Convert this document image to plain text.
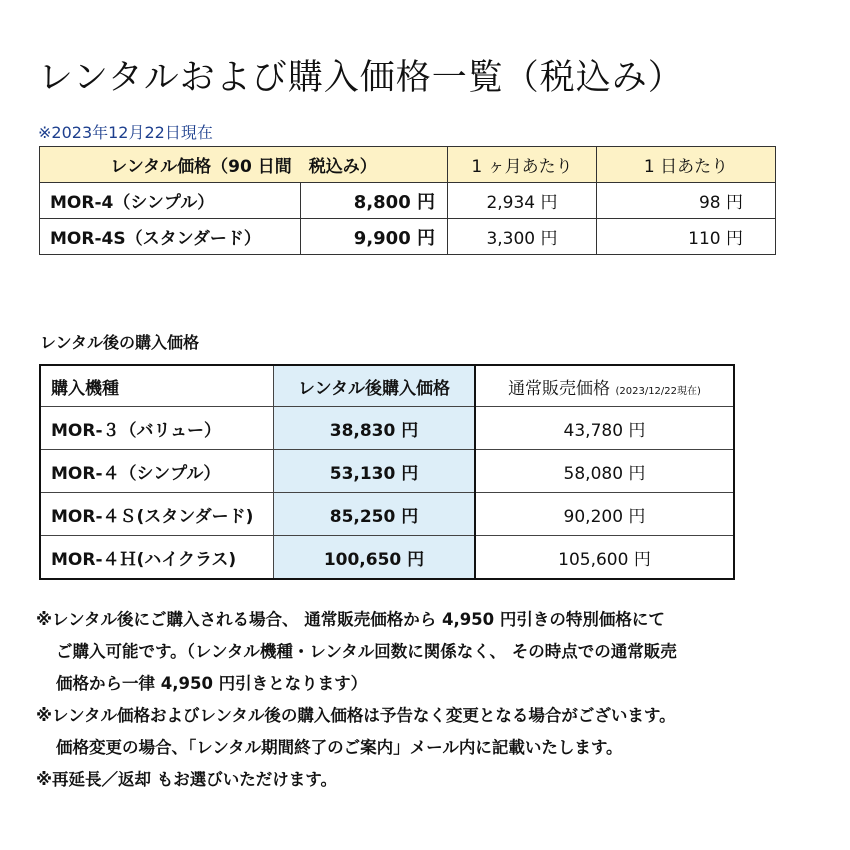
レンタルおよび購入価格一覧（税込み）
※2023年12月22日現在
レンタル価格（90 日間　税込み）		1 ヶ月あたり	1 日あたり
MOR-4（シンプル）	8,800 円	2,934 円	98 円
MOR-4S（スタンダード）	9,900 円	3,300 円	110 円
レンタル後の購入価格
購入機種	レンタル後購入価格	通常販売価格 (2023/12/22現在)
MOR-３（バリュー）	38,830 円	43,780 円
MOR-４（シンプル）	53,130 円	58,080 円
MOR-４Ｓ(スタンダード)	85,250 円	90,200 円
MOR-４Ｈ(ハイクラス)	100,650 円	105,600 円
※レンタル後にご購入される場合、 通常販売価格から 4,950 円引きの特別価格にて
ご購入可能です。（レンタル機種・レンタル回数に関係なく、 その時点での通常販売
価格から一律 4,950 円引きとなります）
※レンタル価格およびレンタル後の購入価格は予告なく変更となる場合がございます。
価格変更の場合、「レンタル期間終了のご案内」メール内に記載いたします。
※再延長／返却 もお選びいただけます。
